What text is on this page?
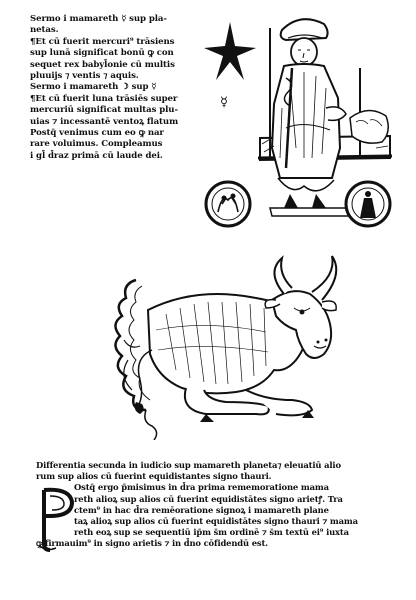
Sermo i mamareth ☿ sup pla-
netas.
¶Et cū fuerit mercuri⁹ trāsiens
sup lunā significat bonū ꝙ con
sequet rex babyl̄onie cū multis
pluuijs ⁊ ventis ⁊ aquis.
Sermo i mamareth ☽ sup ☿
¶Et cū fuerit luna trāsiēs super
mercuriū significat multas plu-
uias ⁊ incessantē ventoꝝ flatum
Postq̄ venimus cum eo ꝙ nar
rare voluimus. Compleamus
i gl̄ d̄raz primā cū laude dei.
☿
Differentia secunda in iudicio sup mamareth planeta⁊ eleuatiū alio
rum sup alios cū fuerint equidistantes signo thauri.
Ostq̄ ergo p̄misimus in d̄ra prima rememoratione mama
reth alioꝝ sup alios cū fuerint equidistātes signo arietꝭ. Tra
ctem⁹ in hac d̄ra remēoratione signoꝝ i mamareth plane
taꝝ alioꝝ sup alios cū fuerint equidistātes signo thauri ⁊ mama
reth eoꝝ sup se sequentiū ip̄m s̄m ordinē ⁊ s̄m textū ei⁹ iuxta
ꝙ firmauim⁹ in signo arietis ⁊ in d̄no cōfidendū est.
